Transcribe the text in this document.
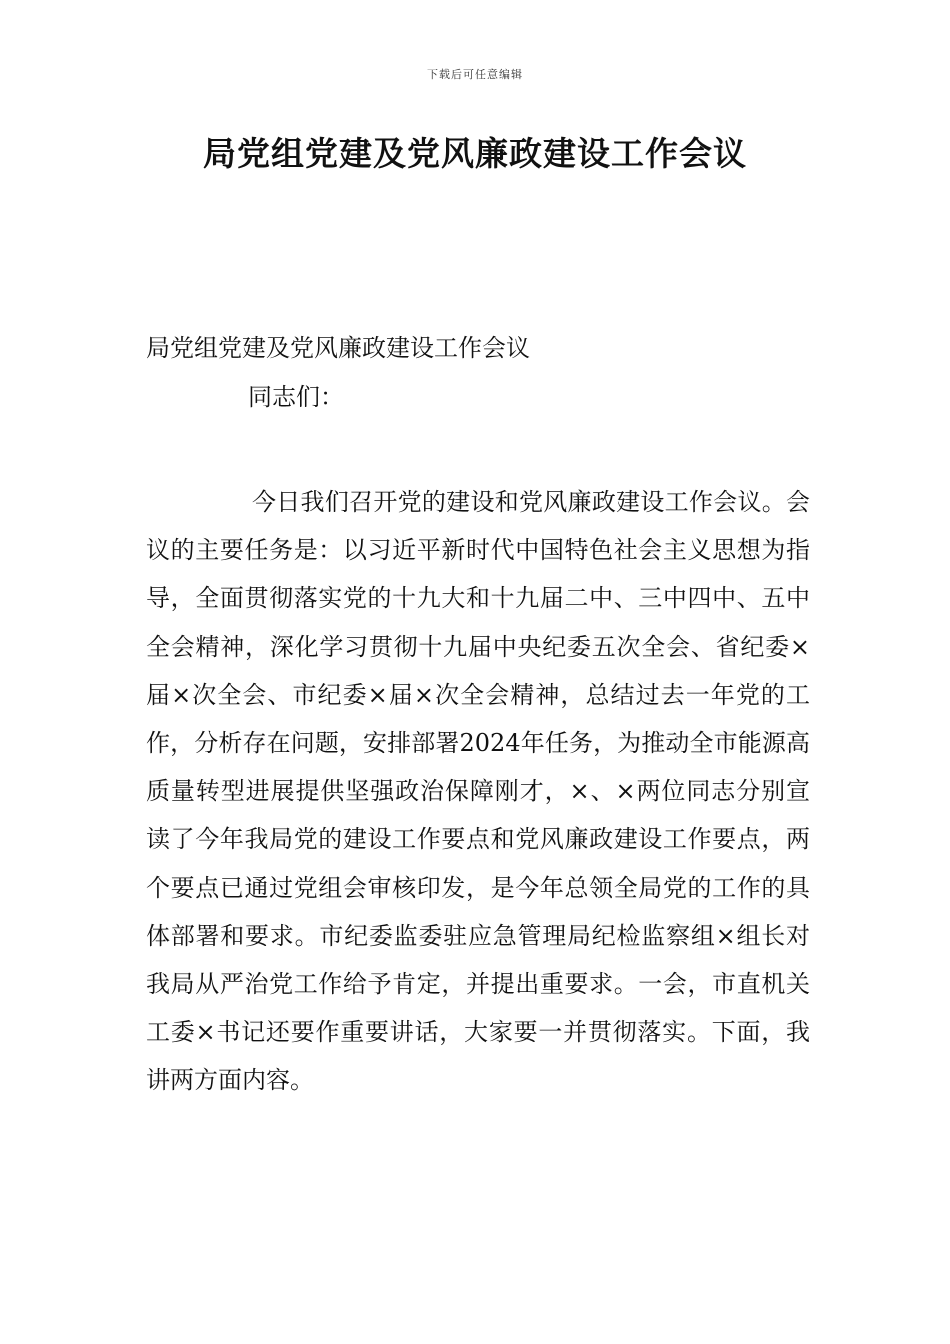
下载后可任意编辑
局党组党建及党风廉政建设工作会议
局党组党建及党风廉政建设工作会议
同志们：

今日我们召开党的建设和党风廉政建设工作会议。会议的主要任务是：以习近平新时代中国特色社会主义思想为指导，全面贯彻落实党的十九大和十九届二中、三中四中、五中全会精神，深化学习贯彻十九届中央纪委五次全会、省纪委×届×次全会、市纪委×届×次全会精神，总结过去一年党的工作，分析存在问题，安排部署2024年任务，为推动全市能源高质量转型进展提供坚强政治保障刚才，×、×两位同志分别宣读了今年我局党的建设工作要点和党风廉政建设工作要点，两个要点已通过党组会审核印发，是今年总领全局党的工作的具体部署和要求。市纪委监委驻应急管理局纪检监察组×组长对我局从严治党工作给予肯定，并提出重要求。一会，市直机关工委×书记还要作重要讲话，大家要一并贯彻落实。下面，我讲两方面内容。
